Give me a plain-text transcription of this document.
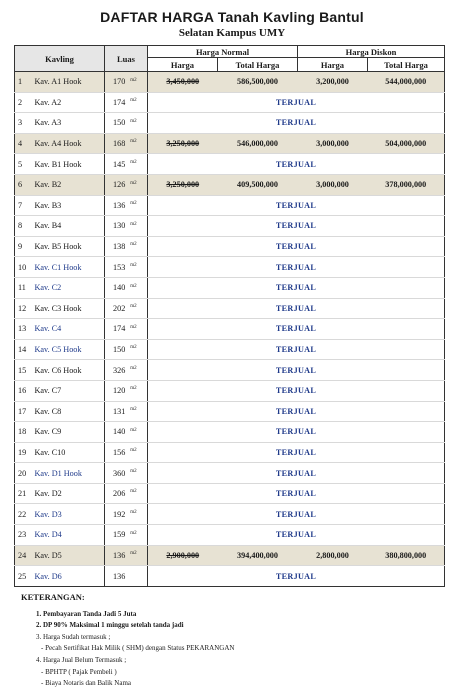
DAFTAR HARGA Tanah Kavling Bantul
Selatan Kampus UMY
Kavling		Luas	Harga Normal		Harga Diskon	
			Harga	Total Harga	Harga	Total Harga
1	Kav. A1 Hook	170 $^{m2}$	3,450,000	586,500,000	3,200,000	544,000,000
2	Kav. A2	174 $^{m2}$	TERJUAL			
3	Kav. A3	150 $^{m2}$	TERJUAL			
4	Kav. A4 Hook	168 $^{m2}$	3,250,000	546,000,000	3,000,000	504,000,000
5	Kav. B1 Hook	145 $^{m2}$	TERJUAL			
6	Kav. B2	126 $^{m2}$	3,250,000	409,500,000	3,000,000	378,000,000
7	Kav. B3	136 $^{m2}$	TERJUAL			
8	Kav. B4	130 $^{m2}$	TERJUAL			
9	Kav. B5 Hook	138 $^{m2}$	TERJUAL			
10	Kav. C1 Hook	153 $^{m2}$	TERJUAL			
11	Kav. C2	140 $^{m2}$	TERJUAL			
12	Kav. C3 Hook	202 $^{m2}$	TERJUAL			
13	Kav. C4	174 $^{m2}$	TERJUAL			
14	Kav. C5 Hook	150 $^{m2}$	TERJUAL			
15	Kav. C6 Hook	326 $^{m2}$	TERJUAL			
16	Kav. C7	120 $^{m2}$	TERJUAL			
17	Kav. C8	131 $^{m2}$	TERJUAL			
18	Kav. C9	140 $^{m2}$	TERJUAL			
19	Kav. C10	156 $^{m2}$	TERJUAL			
20	Kav. D1 Hook	360 $^{m2}$	TERJUAL			
21	Kav. D2	206 $^{m2}$	TERJUAL			
22	Kav. D3	192 $^{m2}$	TERJUAL			
23	Kav. D4	159 $^{m2}$	TERJUAL			
24	Kav. D5	136 $^{m2}$	2,900,000	394,400,000	2,800,000	380,800,000
25	Kav. D6	136	TERJUAL			
KETERANGAN:
1. Pembayaran Tanda Jadi 5 Juta
2. DP 90% Maksimal 1 minggu setelah tanda jadi
3. Harga Sudah termasuk ;
- Pecah Sertifikat Hak Milik ( SHM) dengan Status PEKARANGAN
4. Harga Jual Belum Termasuk ;
- BPHTP ( Pajak Pembeli )
- Biaya Notaris dan Balik Nama
